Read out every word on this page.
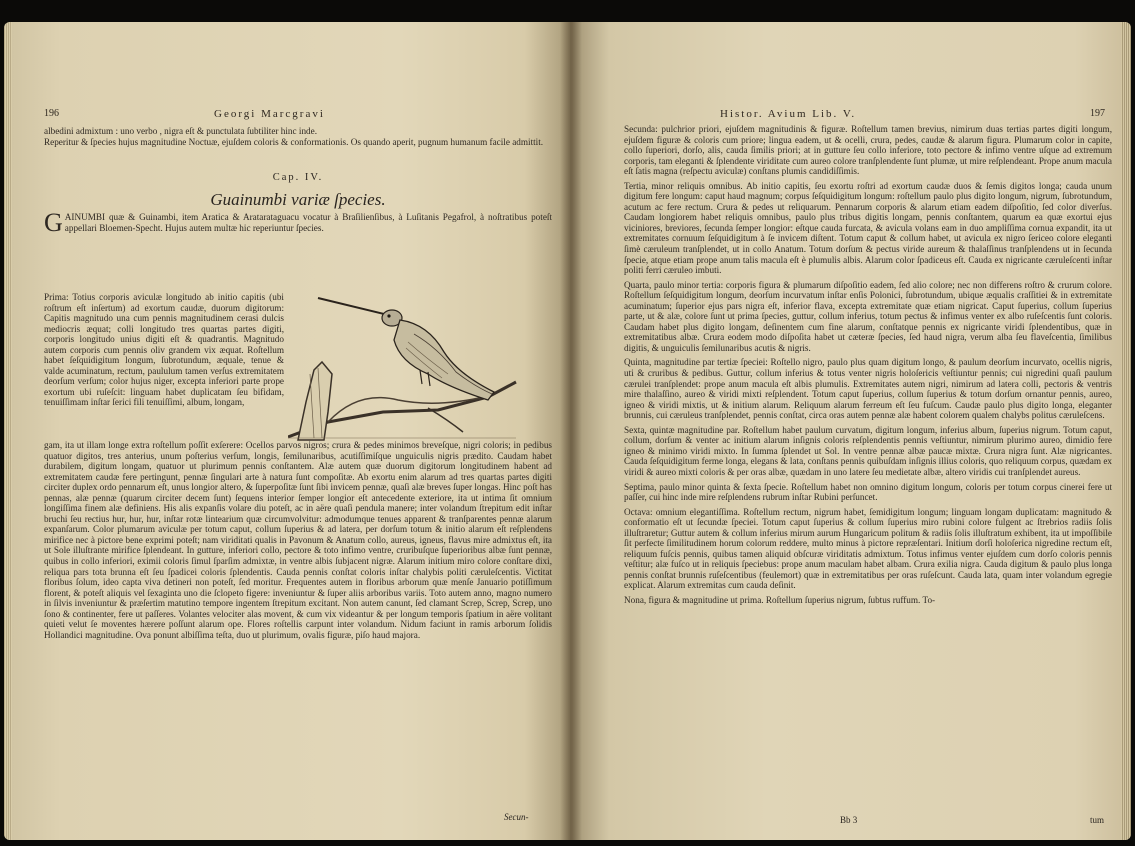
196	Georgi Marcgravi

albedini admixtum : uno verbo , nigra eſt & punctulata ſubtiliter hinc inde.

Reperitur & ſpecies hujus magnitudine Noctuæ, ejuſdem coloris & conformationis. Os quando aperit, pugnum humanum facile admittit.

Cap. IV.
Guainumbi variæ ſpecies.
G AINUMBI quæ & Guinambi, item Aratica & Aratarataguacu vocatur à Braſilienſibus, à Luſitanis Pegafrol, à noſtratibus poteſt appellari Bloemen-Specht. Hujus autem multæ hic reperiuntur ſpecies.
Prima: Totius corporis aviculæ longitudo ab initio capitis (ubi roſtrum eſt inſertum) ad exortum caudæ, duorum digitorum: Capitis magnitudo una cum pennis magnitudinem cerasi dulcis mediocris æquat; colli longitudo tres quartas partes digiti, corporis longitudo unius digiti eſt & quadrantis. Magnitudo autem corporis cum pennis oliv grandem vix æquat. Roſtellum habet ſeſquidigitum longum, ſubrotundum, æquale, tenue & valde acuminatum, rectum, paululum tamen verſus extremitatem deorſum verſum; color hujus niger, excepta inferiori parte prope exortum ubi ruſeſcit: linguam habet duplicatam ſeu bifidam, tenuiſſimam inſtar ſerici fili tenuiſſimi, album, longam,
gam, ita ut illam longe extra roſtellum poſſit exſerere: Ocellos parvos nigros; crura & pedes minimos breveſque, nigri coloris; in pedibus quatuor digitos, tres anterius, unum poſterius verſum, longis, ſemilunaribus, acutiſſimiſque unguiculis nigris prædito. Caudam habet durabilem, digitum longam, quatuor ut plurimum pennis conſtantem. Alæ autem quæ duorum digitorum longitudinem habent ad extremitatem caudæ fere pertingunt, pennæ ſingulari arte à natura ſunt compoſitæ. Ab exortu enim alarum ad tres quartas partes digiti circiter duplex ordo pennarum eſt, unus longior altero, & ſuperpoſitæ ſunt ſibi invicem pennæ, quaſi alæ breves ſuper longas. Hinc poſt has pennas, alæ pennæ (quarum circiter decem ſunt) ſequens interior ſemper longior eſt antecedente exteriore, ita ut intima ſit omnium longiſſima finem alæ definiens. His alis expanſis volare diu poteſt, ac in aëre quaſi pendula manere; inter volandum ſtrepitum edit inſtar bruchi ſeu rectius hur, hur, hur, inſtar rotæ lintearium quæ circumvolvitur: admodumque tenues apparent & tranſparentes pennæ alarum expanſarum. Color plumarum aviculæ per totum caput, collum ſuperius & ad latera, per dorſum totum & initio alarum eſt reſplendens mirifice nec à pictore bene exprimi poteſt; nam viriditati qualis in Pavonum & Anatum collo, aureus, igneus, flavus mire admixtus eſt, ita ut Sole illuſtrante mirifice ſplendeant. In gutture, inferiori collo, pectore & toto infimo ventre, cruribuſque ſuperioribus albæ ſunt pennæ, quibus in collo inferiori, eximii coloris ſimul ſparſim admixtæ, in ventre albis ſubjacent nigræ. Alarum initium miro colore conſtare dixi, reliqua pars tota brunna eſt ſeu ſpadicei coloris ſplendentis. Cauda pennis conſtat coloris inſtar chalybis politi cæruleſcentis. Victitat floribus ſolum, ideo capta viva detineri non poteſt, ſed moritur. Frequentes autem in floribus arborum quæ menſe Januario potiſſimum florent, & poteſt aliquis vel ſexaginta uno die ſclopeto figere: inveniuntur & ſuper aliis arboribus variis. Toto autem anno, magno numero in ſilvis inveniuntur & præſertim matutino tempore ingentem ſtrepitum excitant. Non autem canunt, ſed clamant Screp, Screp, Screp, uno ſono & continenter, fere ut paſſeres. Volantes velociter alas movent, & cum vix videantur & per longum temporis ſpatium in aëre volitant quieti velut ſe moventes hærere poſſunt alarum ope. Flores roſtellis carpunt inter volandum. Nidum faciunt in ramis arborum ſolidis Hollandici magnitudine. Ova ponunt albiſſima teſta, duo ut plurimum, ovalis figuræ, piſo haud majora.
Secun-
Histor. Avium Lib. V.	197

Secunda: pulchrior priori, ejuſdem magnitudinis & figuræ. Roſtellum tamen brevius, nimirum duas tertias partes digiti longum, ejuſdem figuræ & coloris cum priore; lingua eadem, ut & ocelli, crura, pedes, caudæ & alarum figura. Plumarum color in capite, collo ſuperiori, dorſo, alis, cauda ſimilis priori; at in gutture ſeu collo inferiore, toto pectore & infimo ventre uſque ad extremum corporis, tam eleganti & ſplendente viriditate cum aureo colore tranſplendente ſunt plumæ, ut mire reſplendeant. Prope anum macula eſt ſatis magna (reſpectu aviculæ) conſtans plumis candidiſſimis.

Tertia, minor reliquis omnibus. Ab initio capitis, ſeu exortu roſtri ad exortum caudæ duos & ſemis digitos longa; cauda unum digitum fere longum: caput haud magnum; corpus ſeſquidigitum longum: roſtellum paulo plus digito longum, nigrum, ſubrotundum, acutum ac fere rectum. Crura & pedes ut reliquarum. Pennarum corporis & alarum etiam eadem diſpoſitio, ſed color diverſus. Caudam longiorem habet reliquis omnibus, paulo plus tribus digitis longam, pennis conſtantem, quarum ea quæ exortui ejus viciniores, breviores, ſecunda ſemper longior: eſtque cauda furcata, & avicula volans eam in duo ampliſſima cornua expandit, ita ut extremitates cornuum ſeſquidigitum à ſe invicem diſtent. Totum caput & collum habet, ut avicula ex nigro ſericeo colore eleganti ſimè cæruleum tranſplendet, ut in collo Anatum. Totum dorſum & pectus viride aureum & thalaſſinus tranſplendens ut in ſecunda ſpecie, atque etiam prope anum talis macula eſt è plumulis albis. Alarum color ſpadiceus eſt. Cauda ex nigricante cæruleſcenti inſtar politi ferri cæruleo imbuti.

Quarta, paulo minor tertia: corporis figura & plumarum diſpoſitio eadem, ſed alio colore; nec non differens roſtro & crurum colore. Roſtellum ſeſquidigitum longum, deorſum incurvatum inſtar enſis Polonici, ſubrotundum, ubique æqualis craſſitiei & in extremitate acuminatum; ſuperior ejus pars nigra eſt, inferior flava, excepta extremitate quæ etiam nigricat. Caput ſuperius, collum ſuperius parte, ut & alæ, colore ſunt ut prima ſpecies, guttur, collum inferius, totum pectus & infimus venter ex albo ruſeſcentis ſunt coloris. Caudam habet plus digito longam, deſinentem cum fine alarum, conſtatque pennis ex nigricante viridi ſplendentibus, quæ in extremitatibus albæ. Crura eodem modo diſpoſita habet ut cæteræ ſpecies, ſed haud nigra, verum alba ſeu flaveſcentia, ſimilibus digitis, & unguiculis ſemilunaribus acutis & nigris.

Quinta, magnitudine par tertiæ ſpeciei: Roſtello nigro, paulo plus quam digitum longo, & paulum deorſum incurvato, ocellis nigris, uti & cruribus & pedibus. Guttur, collum inferius & totus venter nigris holoſericis veſtiuntur pennis; cui nigredini quaſi paulum cærulei tranſplendet: prope anum macula eſt albis plumulis. Extremitates autem nigri, nimirum ad latera colli, pectoris & ventris mire thalaſſino, aureo & viridi mixti reſplendent. Totum caput ſuperius, collum ſuperius & totum dorſum ornantur pennis, aureo, igneo & viridi mixtis, ut & initium alarum. Reliquum alarum ferreum eſt ſeu fuſcum. Caudæ paulo plus digito longa, eleganter brunnis, cui cæruleus tranſplendet, pennis conſtat, circa oras autem pennæ alæ habent colorem qualem chalybs politus cæruleſcens.

Sexta, quintæ magnitudine par. Roſtellum habet paulum curvatum, digitum longum, inferius album, ſuperius nigrum. Totum caput, collum, dorſum & venter ac initium alarum inſignis coloris reſplendentis pennis veſtiuntur, nimirum plurimo aureo, dimidio fere igneo & minimo viridi mixto. In ſumma ſplendet ut Sol. In ventre pennæ albæ paucæ mixtæ. Crura nigra ſunt. Alæ nigricantes. Cauda ſeſquidigitum ferme longa, elegans & lata, conſtans pennis quibuſdam inſignis illius coloris, quo reliquum corpus, quædam ex viridi & aureo mixti coloris & per oras albæ, quædam in uno latere ſeu medietate albæ, altero viridis cui tranſplendet aureus.

Septima, paulo minor quinta & ſexta ſpecie. Roſtellum habet non omnino digitum longum, coloris per totum corpus cinerei fere ut paſſer, cui hinc inde mire reſplendens rubrum inſtar Rubini perſuncet.

Octava: omnium elegantiſſima. Roſtellum rectum, nigrum habet, ſemidigitum longum; linguam longam duplicatam: magnitudo & conformatio eſt ut ſecundæ ſpeciei. Totum caput ſuperius & collum ſuperius miro rubini colore fulgent ac ſtrebrios radiis ſolis illuſtraretur; Guttur autem & collum inferius mirum aurum Hungaricum politum & radiis ſolis illuſtratum exhibent, ita ut impoſſibile ſit perfecte ſimilitudinem horum colorum reddere, multo minus à pictore repræſentari. Initium dorſi holoſerica nigredine rectum eſt, reliquum fuſcis pennis, quibus tamen aliquid obſcuræ viriditatis admixtum. Totus infimus venter ejuſdem cum dorſo coloris pennis veſtitur; alæ fuſco ut in reliquis ſpeciebus: prope anum maculam habet albam. Crura exilia nigra. Cauda digitum & paulo plus longa pennis conſtat brunnis ruſeſcentibus (feulemort) quæ in extremitatibus per oras ruſeſcunt. Cauda lata, quam inter volandum egregie explicat. Alarum extremitas cum cauda deſinit.

Nona, figura & magnitudine ut prima. Roſtellum ſuperius nigrum, ſubtus ruffum. To-

Bb 3	tum
